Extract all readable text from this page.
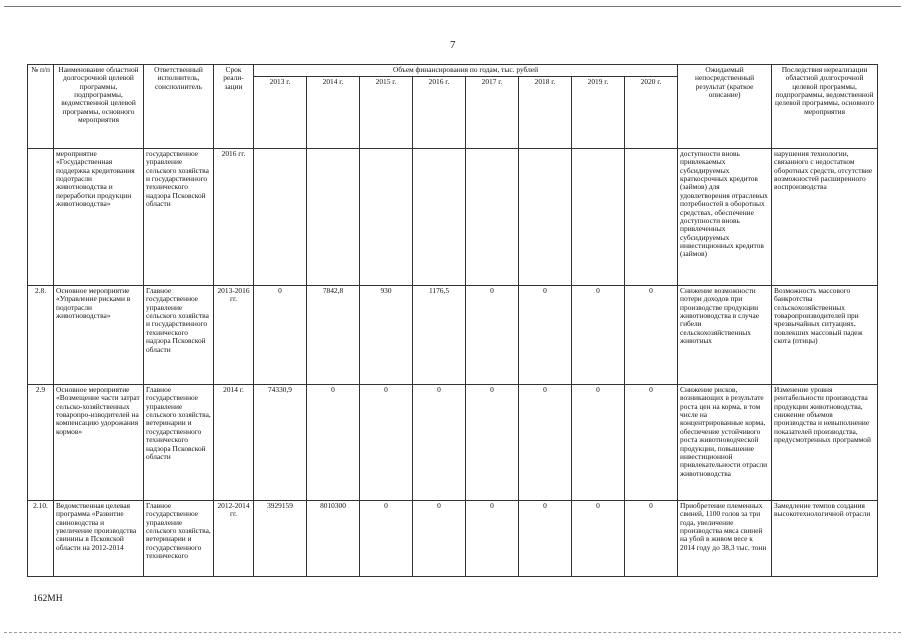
7
№ п/п	Наименование областной долгосрочной целевой программы, подпрограммы, ведомственной целевой программы, основного мероприятия	Ответственный исполнитель, соисполнитель	Срок реали-зации	Объем финансирования по годам, тыс. рублей								Ожидаемый непосредственный результат (краткое описание)	Последствия нереализации областной долгосрочной целевой программы, подпрограммы, ведомственной целевой программы, основного мероприятия
				2013 г.	2014 г.	2015 г.	2016 г.	2017 г.	2018 г.	2019 г.	2020 г.		
	мероприятие «Государственная поддержка кредитования подотрасли животноводства и переработки продукции животноводства»	государственное управление сельского хозяйства и государственного технического надзора Псковской области	2016 гг.									доступности вновь привлекаемых субсидируемых краткосрочных кредитов (займов) для удовлетворения отраслевых потребностей в оборотных средствах, обеспечение доступности вновь привлеченных субсидируемых инвестиционных кредитов (займов)	нарушения технологии, связанного с недостатком оборотных средств, отсутствие возможностей расширенного воспроизводства
2.8.	Основное мероприятие «Управление рисками в подотрасли животноводства»	Главное государственное управление сельского хозяйства и государственного технического надзора Псковской области	2013-2016 гг.	0	7842,8	930	1176,5	0	0	0	0	Снижение возможности потери доходов при производстве продукции животноводства в случае гибели сельскохозяйственных животных	Возможность массового банкротства сельскохозяйственных товаропроизводителей при чрезвычайных ситуациях, повлекших массовый падеж скота (птицы)
2.9	Основное мероприятие «Возмещение части затрат сельско-хозяйственных товаропро-изводителей на компенсацию удорожания кормов»	Главное государственное управление сельского хозяйства, ветеринарии и государственного технического надзора Псковской области	2014 г.	74330,9	0	0	0	0	0	0	0	Снижение рисков, возникающих в результате роста цен на корма, в том числе на концентрированные корма, обеспечение устойчивого роста животноводческой продукции, повышение инвестиционной привлекательности отрасли животноводства	Изменение уровня рентабельности производства продукции животноводства, снижение объемов производства и невыполнение показателей производства, предусмотренных программой
2.10.	Ведомственная целевая программа «Развитие свиноводства и увеличение производства свинины в Псковской области на 2012-2014	Главное государственное управление сельского хозяйства, ветеринарии и государственного технического	2012-2014 гг.	3929159	8010300	0	0	0	0	0	0	Приобретение племенных свиней, 1100 голов за три года, увеличение производства мяса свиней на убой в живом весе к 2014 году до 38,3 тыс. тонн	Замедление темпов создания высокотехнологичной отрасли
162МН
